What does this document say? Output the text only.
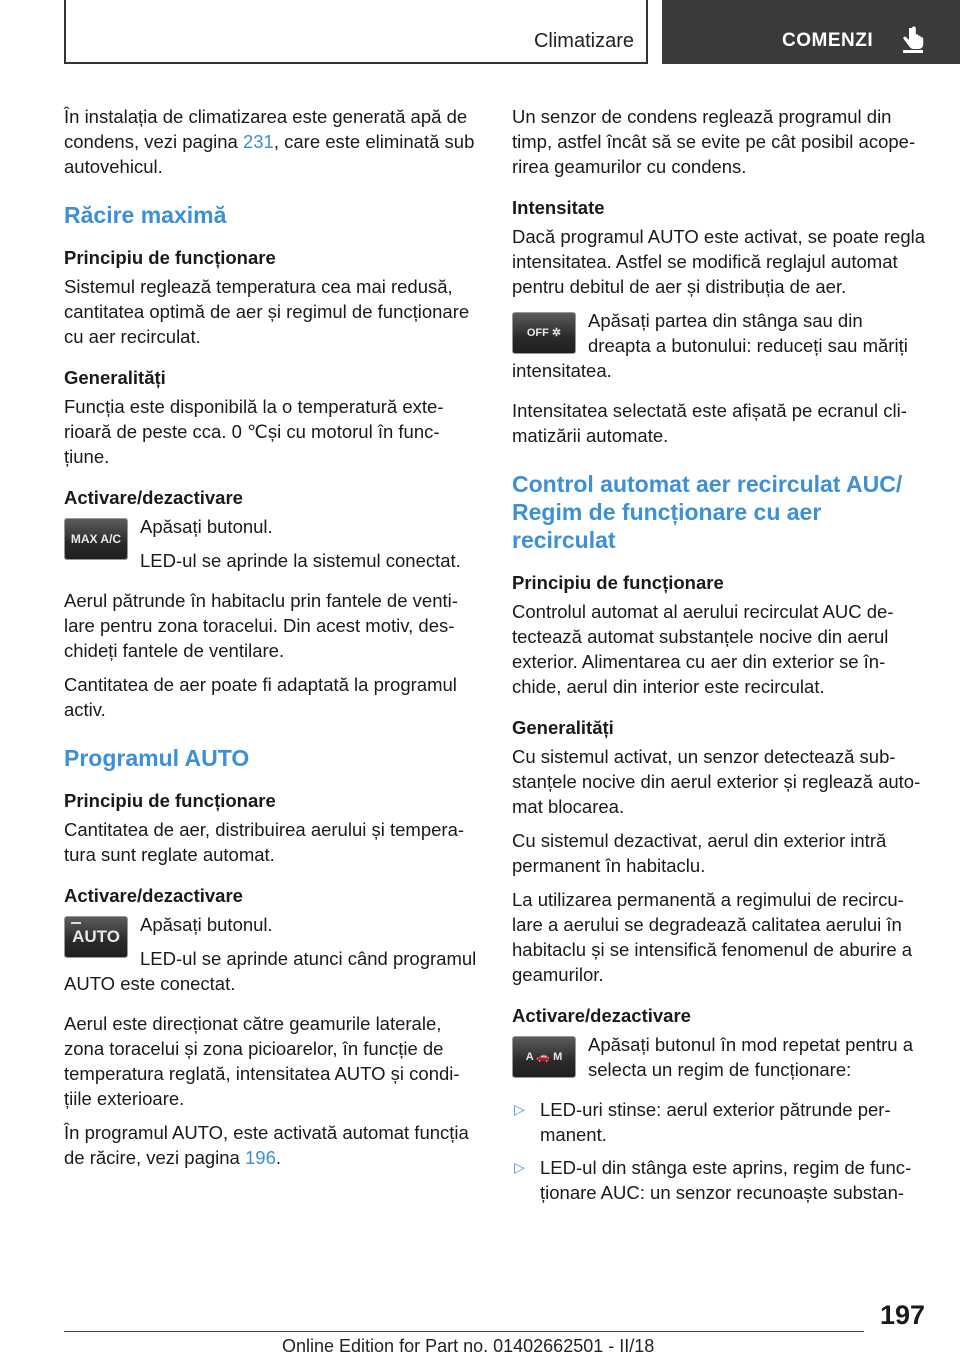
Climatizare	COMENZI

În instalația de climatizarea este generată apă de condens, vezi pagina 231, care este eliminată sub autovehicul.

Răcire maximă
Principiu de funcționare

Sistemul reglează temperatura cea mai redusă, cantitatea optimă de aer și regimul de funcționare cu aer recirculat.

Generalități

Funcția este disponibilă la o temperatură exterioară de peste cca. 0 ℃și cu motorul în funcțiune.

Activare/dezactivare
MAX A/C

Apăsați butonul.

LED-ul se aprinde la sistemul conectat.

Aerul pătrunde în habitaclu prin fantele de ventilare pentru zona toracelui. Din acest motiv, deschideți fantele de ventilare.

Cantitatea de aer poate fi adaptată la programul activ.

Programul AUTO
Principiu de funcționare

Cantitatea de aer, distribuirea aerului și temperatura sunt reglate automat.

Activare/dezactivare
AUTO

Apăsați butonul.

LED-ul se aprinde atunci când programul AUTO este conectat.

Aerul este direcționat către geamurile laterale, zona toracelui și zona picioarelor, în funcție de temperatura reglată, intensitatea AUTO și condițiile exterioare.

În programul AUTO, este activată automat funcția de răcire, vezi pagina 196.

Un senzor de condens reglează programul din timp, astfel încât să se evite pe cât posibil acoperirea geamurilor cu condens.

Intensitate

Dacă programul AUTO este activat, se poate regla intensitatea. Astfel se modifică reglajul automat pentru debitul de aer și distribuția de aer.

OFF ✲

Apăsați partea din stânga sau din dreapta a butonului: reduceți sau măriți intensitatea.

Intensitatea selectată este afișată pe ecranul climatizării automate.

Control automat aer recirculat AUC/ Regim de funcționare cu aer recirculat
Principiu de funcționare

Controlul automat al aerului recirculat AUC detectează automat substanțele nocive din aerul exterior. Alimentarea cu aer din exterior se închide, aerul din interior este recirculat.

Generalități

Cu sistemul activat, un senzor detectează substanțele nocive din aerul exterior și reglează automat blocarea.

Cu sistemul dezactivat, aerul din exterior intră permanent în habitaclu.

La utilizarea permanentă a regimului de recirculare a aerului se degradează calitatea aerului în habitaclu și se intensifică fenomenul de aburire a geamurilor.

Activare/dezactivare
A 🚗 M

Apăsați butonul în mod repetat pentru a selecta un regim de funcționare:

▷ LED-uri stinse: aerul exterior pătrunde permanent.
▷ LED-ul din stânga este aprins, regim de funcționare AUC: un senzor recunoaște substan-
197
Online Edition for Part no. 01402662501 - II/18
